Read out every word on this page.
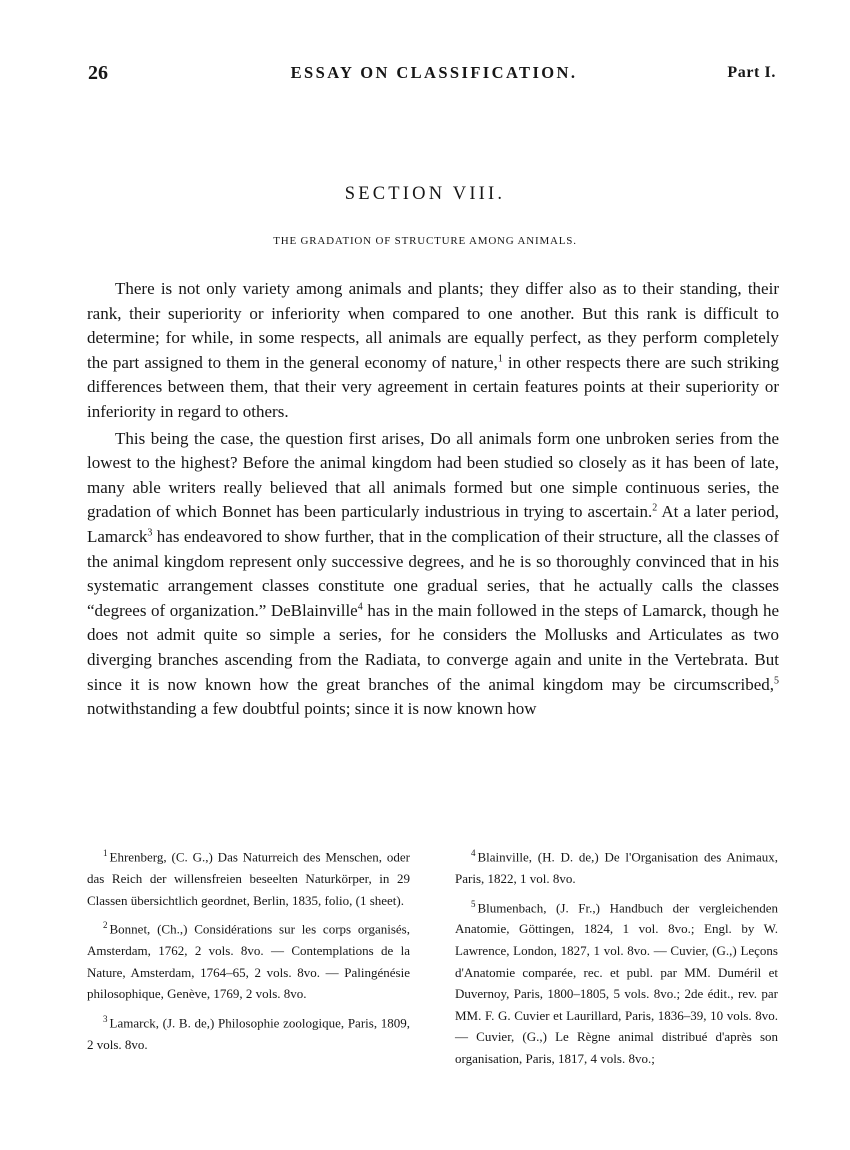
26	ESSAY ON CLASSIFICATION.	Part I.
SECTION VIII.
THE GRADATION OF STRUCTURE AMONG ANIMALS.

There is not only variety among animals and plants; they differ also as to their standing, their rank, their superiority or inferiority when compared to one another. But this rank is difficult to determine; for while, in some respects, all animals are equally perfect, as they perform completely the part assigned to them in the general economy of nature,$^1$ in other respects there are such striking differences between them, that their very agreement in certain features points at their superiority or inferiority in regard to others.

This being the case, the question first arises, Do all animals form one unbroken series from the lowest to the highest? Before the animal kingdom had been studied so closely as it has been of late, many able writers really believed that all animals formed but one simple continuous series, the gradation of which Bonnet has been particularly industrious in trying to ascertain.$^2$ At a later period, Lamarck$^3$ has endeavored to show further, that in the complication of their structure, all the classes of the animal kingdom represent only successive degrees, and he is so thoroughly convinced that in his systematic arrangement classes constitute one gradual series, that he actually calls the classes “degrees of organization.” DeBlainville$^4$ has in the main followed in the steps of Lamarck, though he does not admit quite so simple a series, for he considers the Mollusks and Articulates as two diverging branches ascending from the Radiata, to converge again and unite in the Vertebrata. But since it is now known how the great branches of the animal kingdom may be circumscribed,$^5$ notwithstanding a few doubtful points; since it is now known how

$^1$ Ehrenberg, (C. G.,) Das Naturreich des Menschen, oder das Reich der willensfreien beseelten Naturkörper, in 29 Classen übersichtlich geordnet, Berlin, 1835, folio, (1 sheet).

$^2$ Bonnet, (Ch.,) Considérations sur les corps organisés, Amsterdam, 1762, 2 vols. 8vo. — Contemplations de la Nature, Amsterdam, 1764–65, 2 vols. 8vo. — Palingénésie philosophique, Genève, 1769, 2 vols. 8vo.

$^3$ Lamarck, (J. B. de,) Philosophie zoologique, Paris, 1809, 2 vols. 8vo.

$^4$ Blainville, (H. D. de,) De l'Organisation des Animaux, Paris, 1822, 1 vol. 8vo.

$^5$ Blumenbach, (J. Fr.,) Handbuch der vergleichenden Anatomie, Göttingen, 1824, 1 vol. 8vo.; Engl. by W. Lawrence, London, 1827, 1 vol. 8vo. — Cuvier, (G.,) Leçons d'Anatomie comparée, rec. et publ. par MM. Duméril et Duvernoy, Paris, 1800–1805, 5 vols. 8vo.; 2de édit., rev. par MM. F. G. Cuvier et Laurillard, Paris, 1836–39, 10 vols. 8vo. — Cuvier, (G.,) Le Règne animal distribué d'après son organisation, Paris, 1817, 4 vols. 8vo.;
